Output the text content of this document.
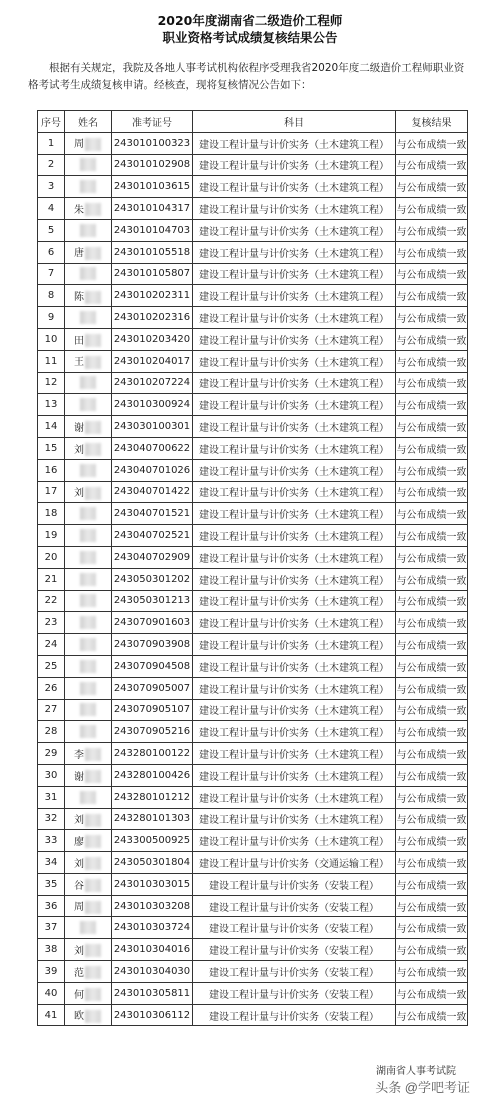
2020年度湖南省二级造价工程师
职业资格考试成绩复核结果公告

根据有关规定，我院及各地人事考试机构依程序受理我省2020年度二级造价工程师职业资格考试考生成绩复核申请。经核查，现将复核情况公告如下：

序号	姓名	准考证号	科目	复核结果
1	周	243010100323	建设工程计量与计价实务（土木建筑工程）	与公布成绩一致
2		243010102908	建设工程计量与计价实务（土木建筑工程）	与公布成绩一致
3		243010103615	建设工程计量与计价实务（土木建筑工程）	与公布成绩一致
4	朱	243010104317	建设工程计量与计价实务（土木建筑工程）	与公布成绩一致
5		243010104703	建设工程计量与计价实务（土木建筑工程）	与公布成绩一致
6	唐	243010105518	建设工程计量与计价实务（土木建筑工程）	与公布成绩一致
7		243010105807	建设工程计量与计价实务（土木建筑工程）	与公布成绩一致
8	陈	243010202311	建设工程计量与计价实务（土木建筑工程）	与公布成绩一致
9		243010202316	建设工程计量与计价实务（土木建筑工程）	与公布成绩一致
10	田	243010203420	建设工程计量与计价实务（土木建筑工程）	与公布成绩一致
11	王	243010204017	建设工程计量与计价实务（土木建筑工程）	与公布成绩一致
12		243010207224	建设工程计量与计价实务（土木建筑工程）	与公布成绩一致
13		243010300924	建设工程计量与计价实务（土木建筑工程）	与公布成绩一致
14	谢	243030100301	建设工程计量与计价实务（土木建筑工程）	与公布成绩一致
15	刘	243040700622	建设工程计量与计价实务（土木建筑工程）	与公布成绩一致
16		243040701026	建设工程计量与计价实务（土木建筑工程）	与公布成绩一致
17	刘	243040701422	建设工程计量与计价实务（土木建筑工程）	与公布成绩一致
18		243040701521	建设工程计量与计价实务（土木建筑工程）	与公布成绩一致
19		243040702521	建设工程计量与计价实务（土木建筑工程）	与公布成绩一致
20		243040702909	建设工程计量与计价实务（土木建筑工程）	与公布成绩一致
21		243050301202	建设工程计量与计价实务（土木建筑工程）	与公布成绩一致
22		243050301213	建设工程计量与计价实务（土木建筑工程）	与公布成绩一致
23		243070901603	建设工程计量与计价实务（土木建筑工程）	与公布成绩一致
24		243070903908	建设工程计量与计价实务（土木建筑工程）	与公布成绩一致
25		243070904508	建设工程计量与计价实务（土木建筑工程）	与公布成绩一致
26		243070905007	建设工程计量与计价实务（土木建筑工程）	与公布成绩一致
27		243070905107	建设工程计量与计价实务（土木建筑工程）	与公布成绩一致
28		243070905216	建设工程计量与计价实务（土木建筑工程）	与公布成绩一致
29	李	243280100122	建设工程计量与计价实务（土木建筑工程）	与公布成绩一致
30	谢	243280100426	建设工程计量与计价实务（土木建筑工程）	与公布成绩一致
31		243280101212	建设工程计量与计价实务（土木建筑工程）	与公布成绩一致
32	刘	243280101303	建设工程计量与计价实务（土木建筑工程）	与公布成绩一致
33	廖	243300500925	建设工程计量与计价实务（土木建筑工程）	与公布成绩一致
34	刘	243050301804	建设工程计量与计价实务（交通运输工程）	与公布成绩一致
35	谷	243010303015	建设工程计量与计价实务（安装工程）	与公布成绩一致
36	周	243010303208	建设工程计量与计价实务（安装工程）	与公布成绩一致
37		243010303724	建设工程计量与计价实务（安装工程）	与公布成绩一致
38	刘	243010304016	建设工程计量与计价实务（安装工程）	与公布成绩一致
39	范	243010304030	建设工程计量与计价实务（安装工程）	与公布成绩一致
40	何	243010305811	建设工程计量与计价实务（安装工程）	与公布成绩一致
41	欧	243010306112	建设工程计量与计价实务（安装工程）	与公布成绩一致
湖南省人事考试院
头条 @学吧考证
